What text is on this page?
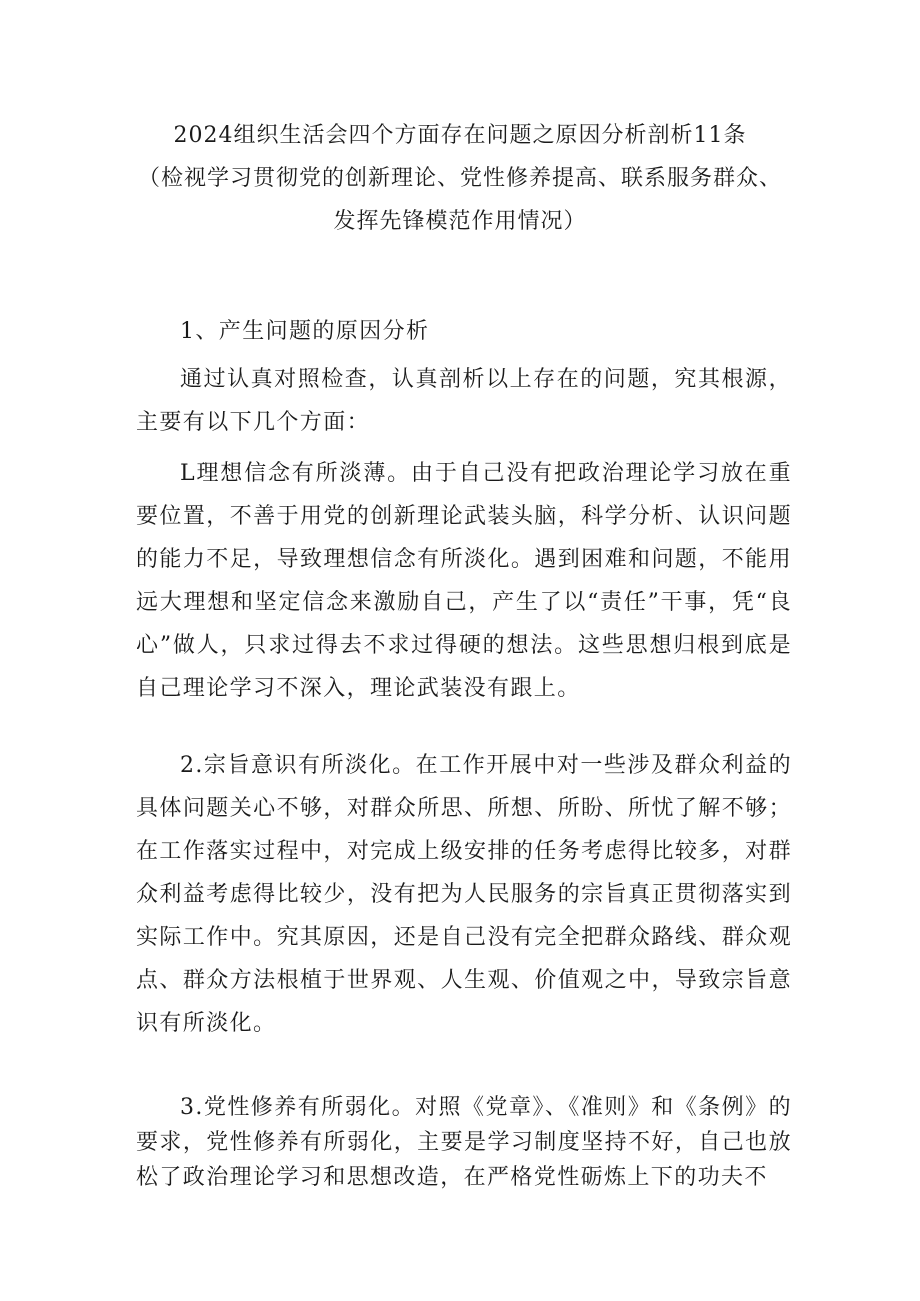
2024组织生活会四个方面存在问题之原因分析剖析11条
（检视学习贯彻党的创新理论、党性修养提高、联系服务群众、
发挥先锋模范作用情况）
1、产生问题的原因分析
通过认真对照检查，认真剖析以上存在的问题，究其根源，主要有以下几个方面：
L理想信念有所淡薄。由于自己没有把政治理论学习放在重要位置，不善于用党的创新理论武装头脑，科学分析、认识问题的能力不足，导致理想信念有所淡化。遇到困难和问题，不能用远大理想和坚定信念来激励自己，产生了以“责任”干事，凭“良心”做人，只求过得去不求过得硬的想法。这些思想归根到底是自己理论学习不深入，理论武装没有跟上。
2.宗旨意识有所淡化。在工作开展中对一些涉及群众利益的具体问题关心不够，对群众所思、所想、所盼、所忧了解不够；在工作落实过程中，对完成上级安排的任务考虑得比较多，对群众利益考虑得比较少，没有把为人民服务的宗旨真正贯彻落实到实际工作中。究其原因，还是自己没有完全把群众路线、群众观点、群众方法根植于世界观、人生观、价值观之中，导致宗旨意识有所淡化。
3.党性修养有所弱化。对照《党章》、《准则》和《条例》的要求，党性修养有所弱化，主要是学习制度坚持不好，自己也放松了政治理论学习和思想改造，在严格党性砺炼上下的功夫不
